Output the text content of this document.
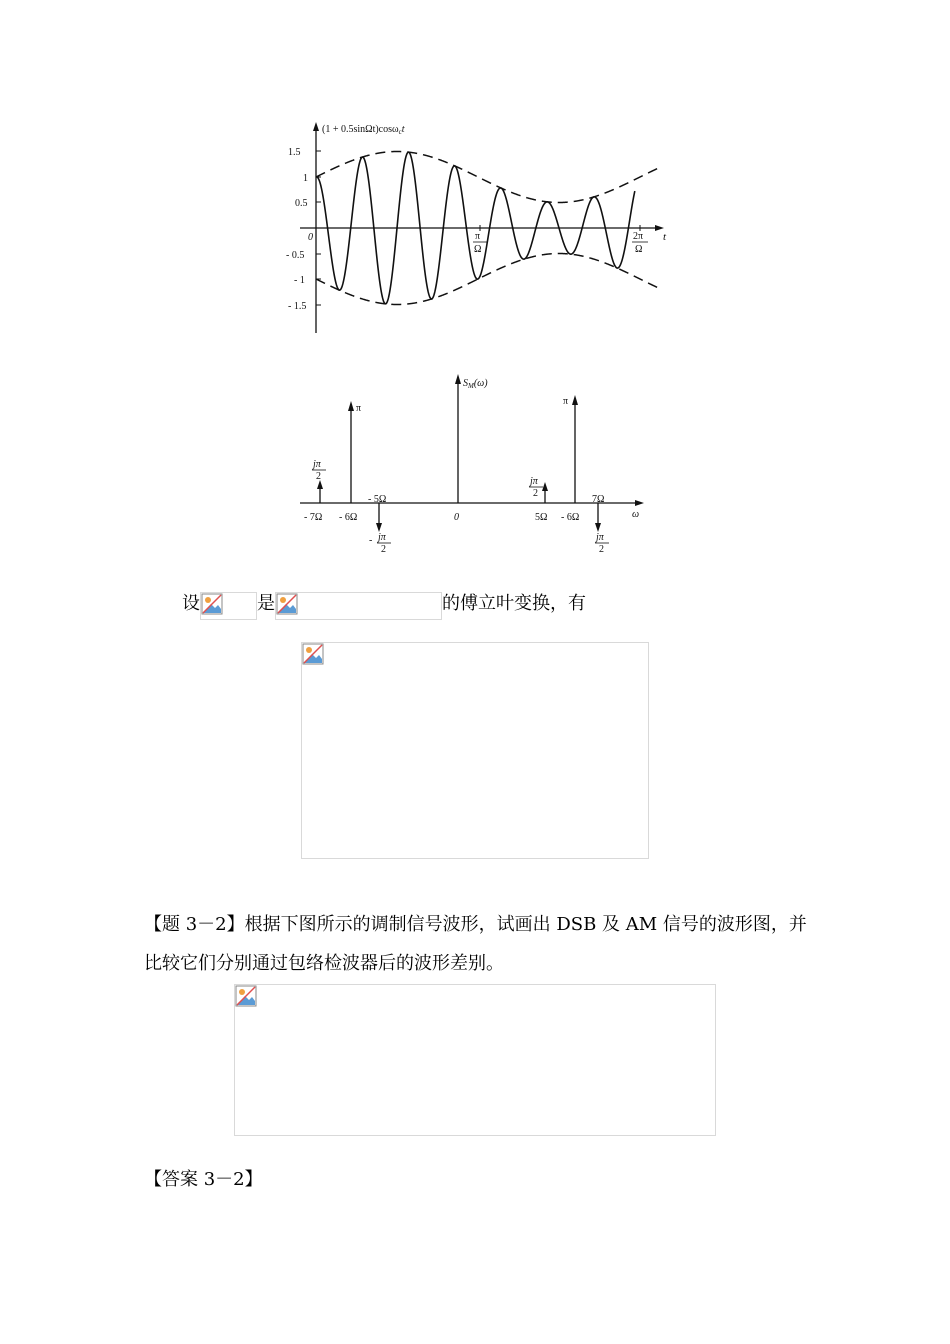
1.5
1
0.5
0
- 0.5
- 1
- 1.5
(1 + 0.5sinΩt)cosω$_c$t
t
π
Ω
2π
Ω
ω
$S_M(\omega)$
π
π
jπ
2	jπ
2
- jπ
2
jπ
2
- 7Ω - 6Ω
- 5Ω
0	5Ω - 6Ω
7Ω
设	是	的傅立叶变换，有
【题 3－2】根据下图所示的调制信号波形，试画出 DSB 及 AM 信号的波形图，并
比较它们分别通过包络检波器后的波形差别。
【答案 3－2】
